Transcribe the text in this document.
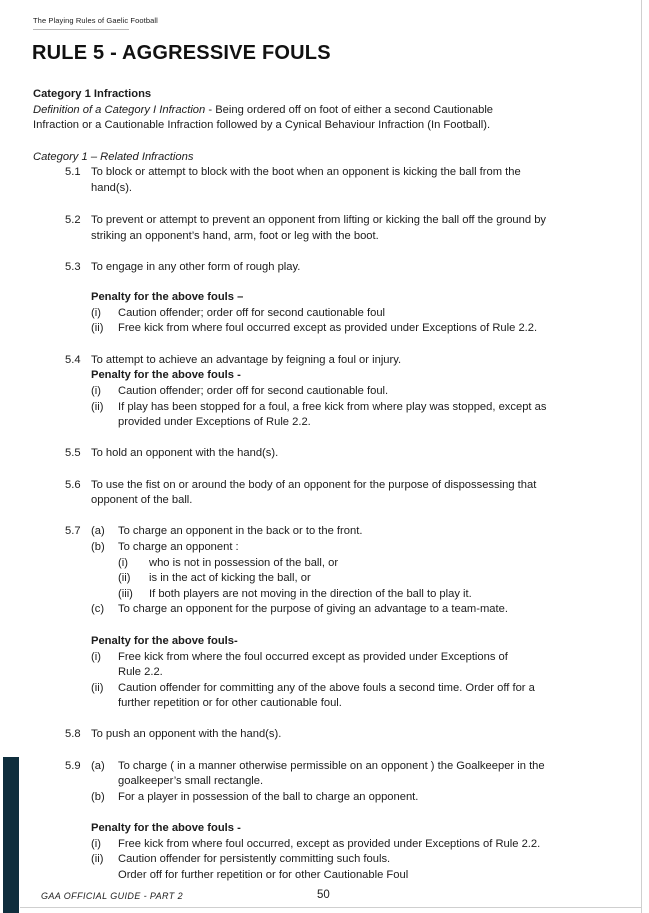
The Playing Rules of Gaelic Football
RULE 5 - AGGRESSIVE FOULS
Category 1 Infractions
Definition of a Category I Infraction - Being ordered off on foot of either a second Cautionable
Infraction or a Cautionable Infraction followed by a Cynical Behaviour Infraction (In Football).
Category 1 – Related Infractions
5.1 To block or attempt to block with the boot when an opponent is kicking the ball from the
hand(s).
5.2 To prevent or attempt to prevent an opponent from lifting or kicking the ball off the ground by
striking an opponent’s hand, arm, foot or leg with the boot.
5.3 To engage in any other form of rough play.
Penalty for the above fouls –
(i) Caution offender; order off for second cautionable foul
(ii) Free kick from where foul occurred except as provided under Exceptions of Rule 2.2.
5.4 To attempt to achieve an advantage by feigning a foul or injury.
Penalty for the above fouls -
(i) Caution offender; order off for second cautionable foul.
(ii) If play has been stopped for a foul, a free kick from where play was stopped, except as
provided under Exceptions of Rule 2.2.
5.5 To hold an opponent with the hand(s).
5.6 To use the fist on or around the body of an opponent for the purpose of dispossessing that
opponent of the ball.
5.7 (a) To charge an opponent in the back or to the front.
(b) To charge an opponent :
(i) who is not in possession of the ball, or
(ii) is in the act of kicking the ball, or
(iii) If both players are not moving in the direction of the ball to play it.
(c) To charge an opponent for the purpose of giving an advantage to a team-mate.
Penalty for the above fouls-
(i) Free kick from where the foul occurred except as provided under Exceptions of
Rule 2.2.
(ii) Caution offender for committing any of the above fouls a second time. Order off for a
further repetition or for other cautionable foul.
5.8 To push an opponent with the hand(s).
5.9 (a) To charge ( in a manner otherwise permissible on an opponent ) the Goalkeeper in the
goalkeeper’s small rectangle.
(b) For a player in possession of the ball to charge an opponent.
Penalty for the above fouls -
(i) Free kick from where foul occurred, except as provided under Exceptions of Rule 2.2.
(ii) Caution offender for persistently committing such fouls.
Order off for further repetition or for other Cautionable Foul
GAA OFFICIAL GUIDE - PART 2	50
